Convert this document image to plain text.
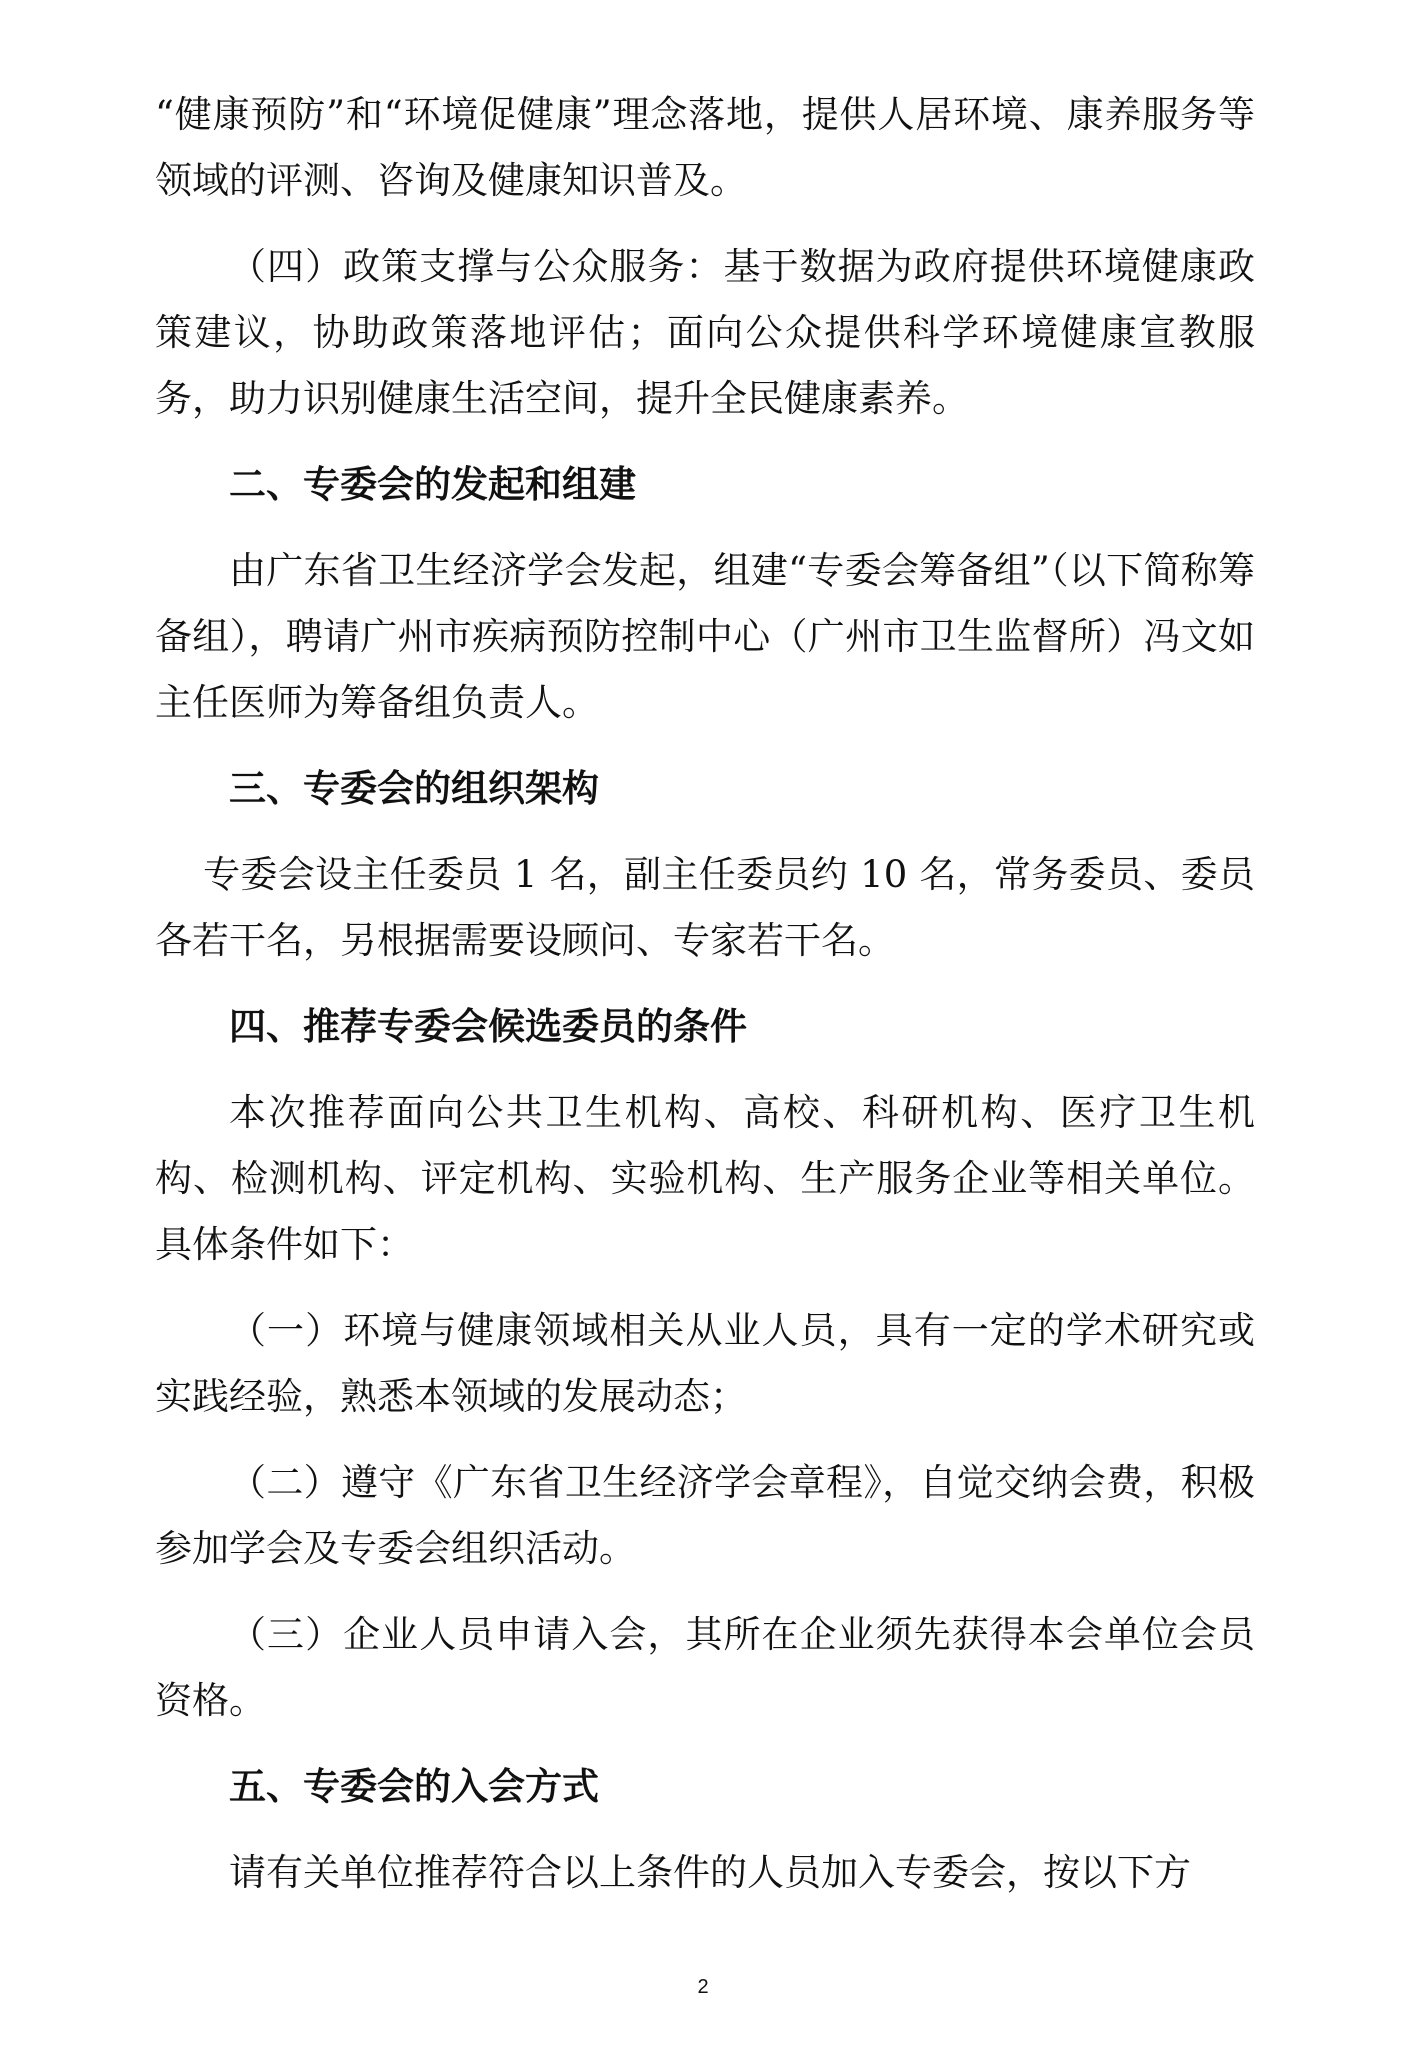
“健康预防”和“环境促健康”理念落地，提供人居环境、康养服务等领域的评测、咨询及健康知识普及。

（四）政策支撑与公众服务：基于数据为政府提供环境健康政策建议，协助政策落地评估；面向公众提供科学环境健康宣教服务，助力识别健康生活空间，提升全民健康素养。

二、专委会的发起和组建

由广东省卫生经济学会发起，组建“专委会筹备组”（以下简称筹备组），聘请广州市疾病预防控制中心（广州市卫生监督所）冯文如主任医师为筹备组负责人。

三、专委会的组织架构

专委会设主任委员 1 名，副主任委员约 10 名，常务委员、委员各若干名，另根据需要设顾问、专家若干名。

四、推荐专委会候选委员的条件

本次推荐面向公共卫生机构、高校、科研机构、医疗卫生机构、检测机构、评定机构、实验机构、生产服务企业等相关单位。具体条件如下：

（一）环境与健康领域相关从业人员，具有一定的学术研究或实践经验，熟悉本领域的发展动态；

（二）遵守《广东省卫生经济学会章程》，自觉交纳会费，积极参加学会及专委会组织活动。

（三）企业人员申请入会，其所在企业须先获得本会单位会员资格。

五、专委会的入会方式

请有关单位推荐符合以上条件的人员加入专委会，按以下方

2
